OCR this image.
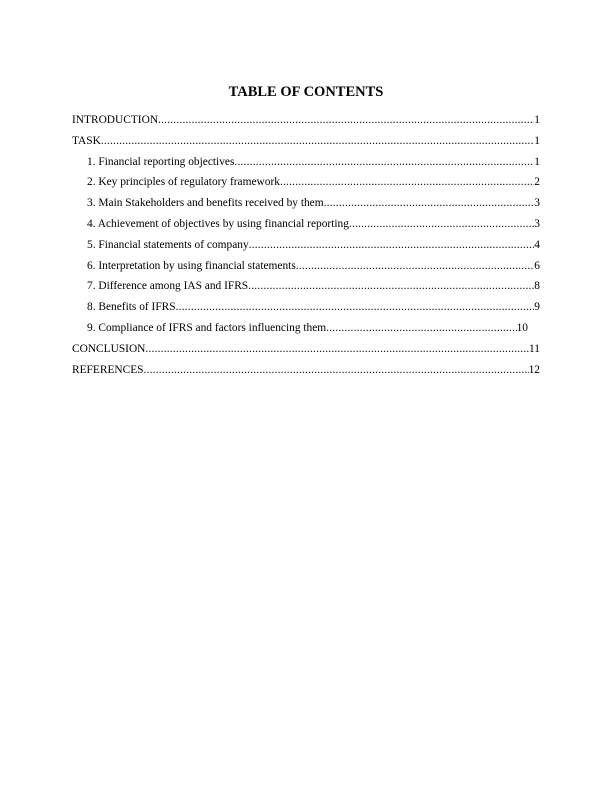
TABLE OF CONTENTS
INTRODUCTION .....	1
TASK .....	1
1. Financial reporting objectives .....	1
2. Key principles of regulatory framework .....	2
3. Main Stakeholders and benefits received by them .....	3
4. Achievement of objectives by using financial reporting .....	3
5. Financial statements of company .....	4
6. Interpretation by using financial statements .....	6
7. Difference among IAS and IFRS .....	8
8. Benefits of IFRS .....	9
9. Compliance of IFRS and factors influencing them .....	10
CONCLUSION .....	11
REFERENCES .....	12
